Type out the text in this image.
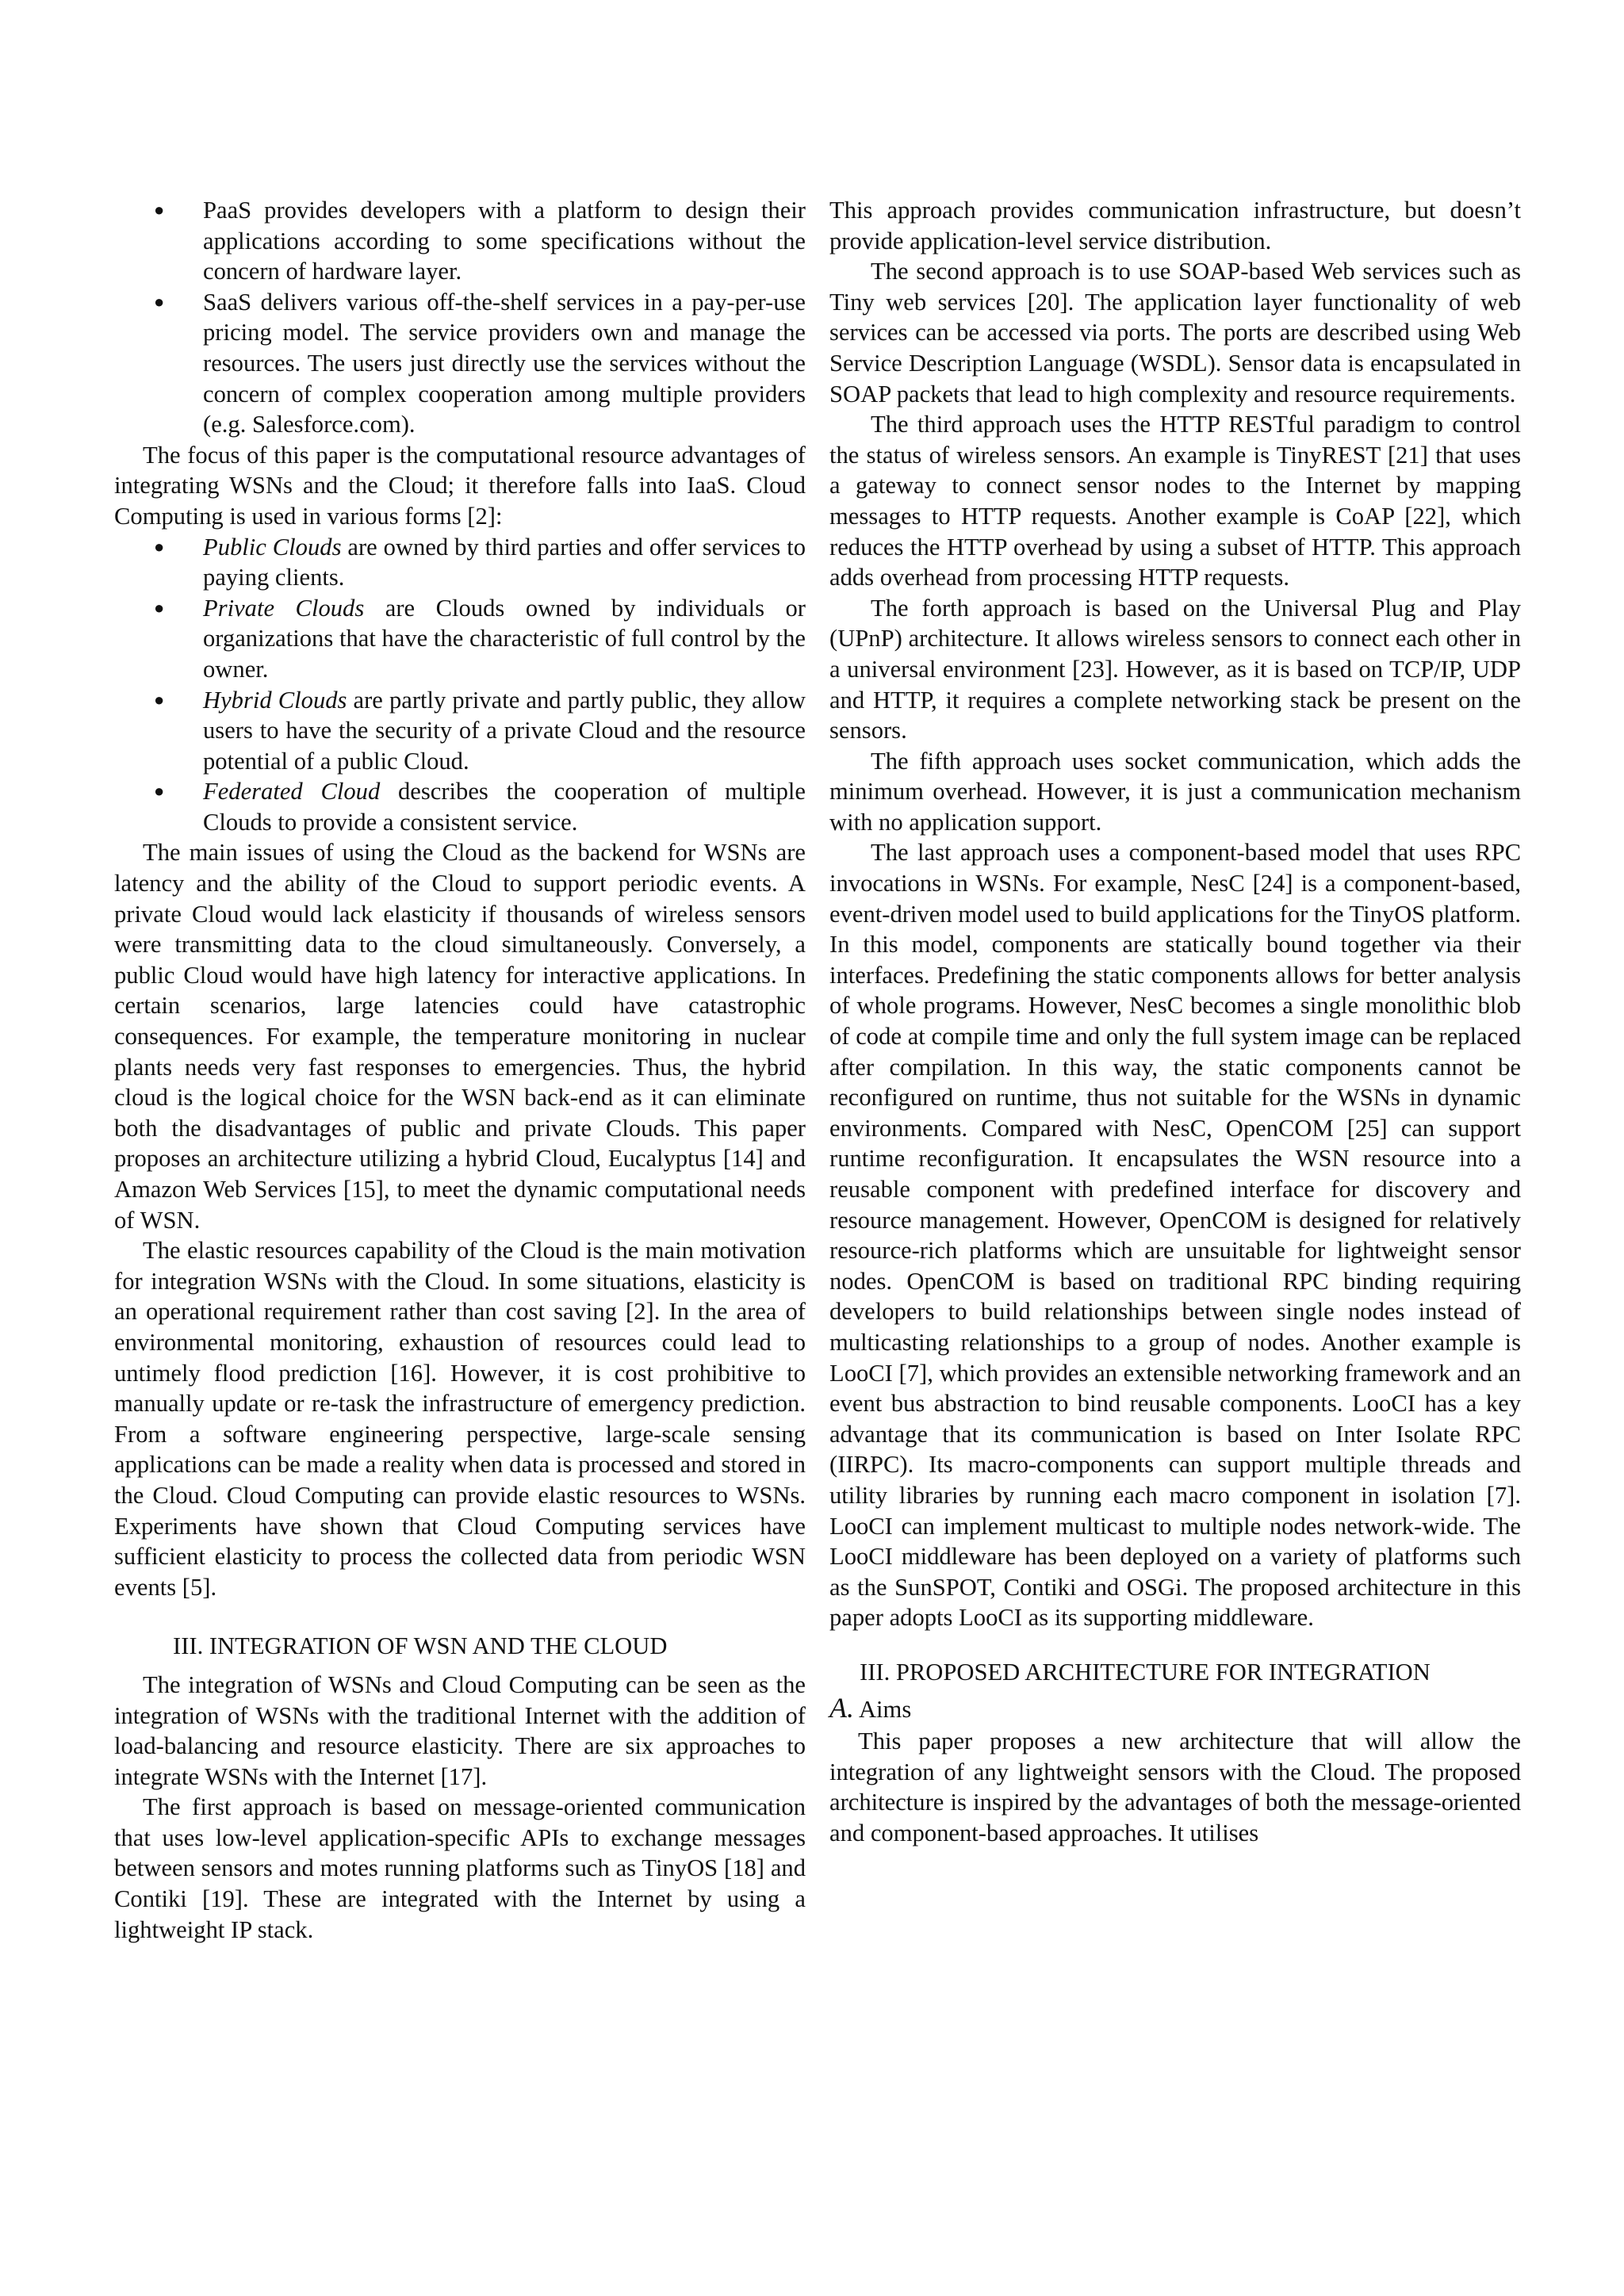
● PaaS provides developers with a platform to design their applications according to some specifications without the concern of hardware layer.
● SaaS delivers various off-the-shelf services in a pay-per-use pricing model. The service providers own and manage the resources. The users just directly use the services without the concern of complex cooperation among multiple providers (e.g. Salesforce.com).

The focus of this paper is the computational resource advantages of integrating WSNs and the Cloud; it therefore falls into IaaS. Cloud Computing is used in various forms [2]:

● Public Clouds are owned by third parties and offer services to paying clients.
● Private Clouds are Clouds owned by individuals or organizations that have the characteristic of full control by the owner.
● Hybrid Clouds are partly private and partly public, they allow users to have the security of a private Cloud and the resource potential of a public Cloud.
● Federated Cloud describes the cooperation of multiple Clouds to provide a consistent service.

The main issues of using the Cloud as the backend for WSNs are latency and the ability of the Cloud to support periodic events. A private Cloud would lack elasticity if thousands of wireless sensors were transmitting data to the cloud simultaneously. Conversely, a public Cloud would have high latency for interactive applications. In certain scenarios, large latencies could have catastrophic consequences. For example, the temperature monitoring in nuclear plants needs very fast responses to emergencies. Thus, the hybrid cloud is the logical choice for the WSN back-end as it can eliminate both the disadvantages of public and private Clouds. This paper proposes an architecture utilizing a hybrid Cloud, Eucalyptus [14] and Amazon Web Services [15], to meet the dynamic computational needs of WSN.

The elastic resources capability of the Cloud is the main motivation for integration WSNs with the Cloud. In some situations, elasticity is an operational requirement rather than cost saving [2]. In the area of environmental monitoring, exhaustion of resources could lead to untimely flood prediction [16]. However, it is cost prohibitive to manually update or re-task the infrastructure of emergency prediction. From a software engineering perspective, large-scale sensing applications can be made a reality when data is processed and stored in the Cloud. Cloud Computing can provide elastic resources to WSNs. Experiments have shown that Cloud Computing services have sufficient elasticity to process the collected data from periodic WSN events [5].

III. INTEGRATION OF WSN AND THE CLOUD

The integration of WSNs and Cloud Computing can be seen as the integration of WSNs with the traditional Internet with the addition of load-balancing and resource elasticity. There are six approaches to integrate WSNs with the Internet [17].

The first approach is based on message-oriented communication that uses low-level application-specific APIs to exchange messages between sensors and motes running platforms such as TinyOS [18] and Contiki [19]. These are integrated with the Internet by using a lightweight IP stack.

This approach provides communication infrastructure, but doesn’t provide application-level service distribution.

The second approach is to use SOAP-based Web services such as Tiny web services [20]. The application layer functionality of web services can be accessed via ports. The ports are described using Web Service Description Language (WSDL). Sensor data is encapsulated in SOAP packets that lead to high complexity and resource requirements.

The third approach uses the HTTP RESTful paradigm to control the status of wireless sensors. An example is TinyREST [21] that uses a gateway to connect sensor nodes to the Internet by mapping messages to HTTP requests. Another example is CoAP [22], which reduces the HTTP overhead by using a subset of HTTP. This approach adds overhead from processing HTTP requests.

The forth approach is based on the Universal Plug and Play (UPnP) architecture. It allows wireless sensors to connect each other in a universal environment [23]. However, as it is based on TCP/IP, UDP and HTTP, it requires a complete networking stack be present on the sensors.

The fifth approach uses socket communication, which adds the minimum overhead. However, it is just a communication mechanism with no application support.

The last approach uses a component-based model that uses RPC invocations in WSNs. For example, NesC [24] is a component-based, event-driven model used to build applications for the TinyOS platform. In this model, components are statically bound together via their interfaces. Predefining the static components allows for better analysis of whole programs. However, NesC becomes a single monolithic blob of code at compile time and only the full system image can be replaced after compilation. In this way, the static components cannot be reconfigured on runtime, thus not suitable for the WSNs in dynamic environments. Compared with NesC, OpenCOM [25] can support runtime reconfiguration. It encapsulates the WSN resource into a reusable component with predefined interface for discovery and resource management. However, OpenCOM is designed for relatively resource-rich platforms which are unsuitable for lightweight sensor nodes. OpenCOM is based on traditional RPC binding requiring developers to build relationships between single nodes instead of multicasting relationships to a group of nodes. Another example is LooCI [7], which provides an extensible networking framework and an event bus abstraction to bind reusable components. LooCI has a key advantage that its communication is based on Inter Isolate RPC (IIRPC). Its macro-components can support multiple threads and utility libraries by running each macro component in isolation [7]. LooCI can implement multicast to multiple nodes network-wide. The LooCI middleware has been deployed on a variety of platforms such as the SunSPOT, Contiki and OSGi. The proposed architecture in this paper adopts LooCI as its supporting middleware.

III. PROPOSED ARCHITECTURE FOR INTEGRATION
A. Aims

This paper proposes a new architecture that will allow the integration of any lightweight sensors with the Cloud. The proposed architecture is inspired by the advantages of both the message-oriented and component-based approaches. It utilises
